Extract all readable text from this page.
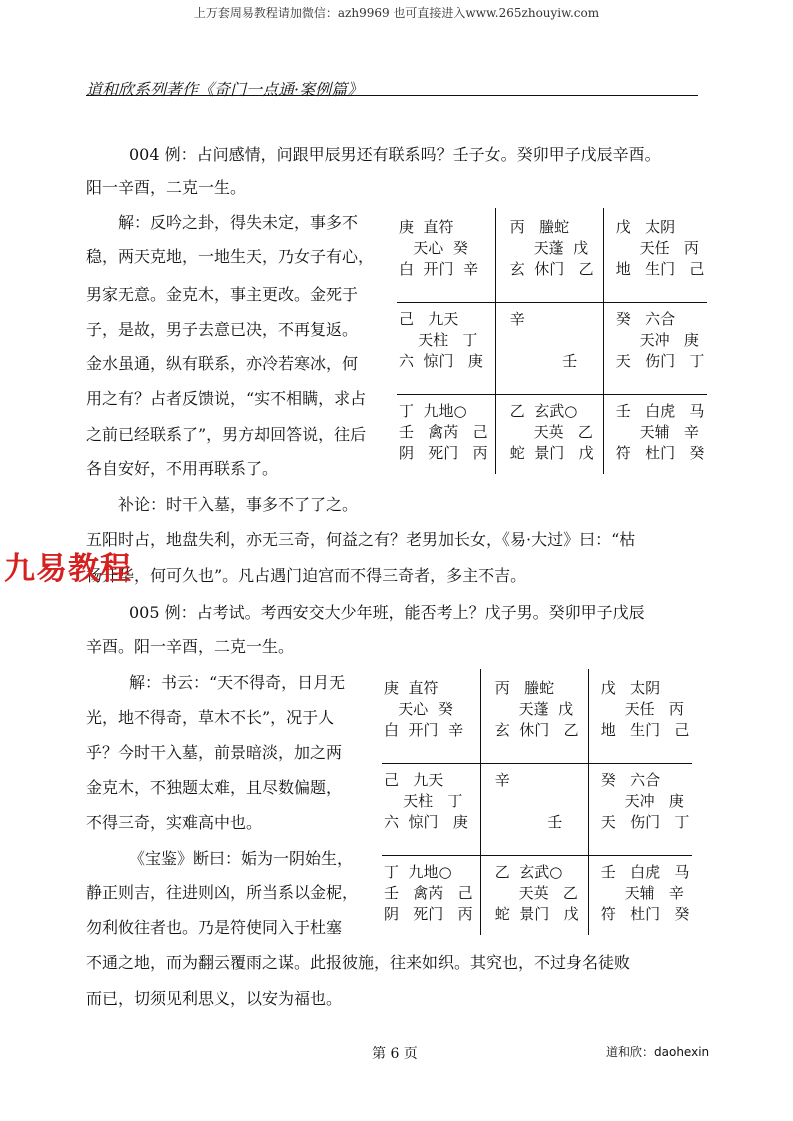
上万套周易教程请加微信：azh9969 也可直接进入www.265zhouyiw.com
道和欣系列著作《奇门一点通·案例篇》
004 例：占问感情，问跟甲辰男还有联系吗？壬子女。癸卯甲子戊辰辛酉。
阳一辛酉，二克一生。
解：反吟之卦，得失未定，事多不
稳，两天克地，一地生天，乃女子有心，
男家无意。金克木，事主更改。金死于
子，是故，男子去意已决，不再复返。
金水虽通，纵有联系，亦冷若寒冰，何
用之有？占者反馈说，“实不相瞒，求占
之前已经联系了”，男方却回答说，往后
各自安好，不用再联系了。
补论：时干入墓，事多不了了之。
五阳时占，地盘失利，亦无三奇，何益之有？老男加长女，《易·大过》曰：“枯
杨开华，何可久也”。凡占遇门迫宫而不得三奇者，多主不吉。
005 例：占考试。考西安交大少年班，能否考上？戊子男。癸卯甲子戊辰
辛酉。阳一辛酉，二克一生。
解：书云：“天不得奇，日月无
光，地不得奇，草木不长”，况于人
乎？今时干入墓，前景暗淡，加之两
金克木，不独题太难，且尽数偏题，
不得三奇，实难高中也。
《宝鉴》断曰：姤为一阴始生，
静正则吉，往进则凶，所当系以金柅，
勿利攸往者也。乃是符使同入于杜塞
不通之地，而为翻云覆雨之谋。此报彼施，往来如织。其究也，不过身名徒败
而已，切须见利思义，以安为福也。
九易教程
庚  直符
天心  癸
白  开门  辛
丙   螣蛇
天蓬  戊
玄  休门   乙
戊   太阴
天任   丙
地   生门   己
己   九天
天柱   丁
六  惊门   庚
辛

壬
癸   六合
天冲   庚
天   伤门   丁
丁  九地○
壬   禽芮   己
阴   死门   丙
乙  玄武○
天英   乙
蛇  景门   戊
壬   白虎   马
天辅   辛
符   杜门   癸
庚  直符
天心  癸
白  开门  辛
丙   螣蛇
天蓬  戊
玄  休门   乙
戊   太阴
天任   丙
地   生门   己
己   九天
天柱   丁
六  惊门   庚
辛

壬
癸   六合
天冲   庚
天   伤门   丁
丁  九地○
壬   禽芮   己
阴   死门   丙
乙  玄武○
天英   乙
蛇  景门   戊
壬   白虎   马
天辅   辛
符   杜门   癸
第 6 页	道和欣：daohexin
